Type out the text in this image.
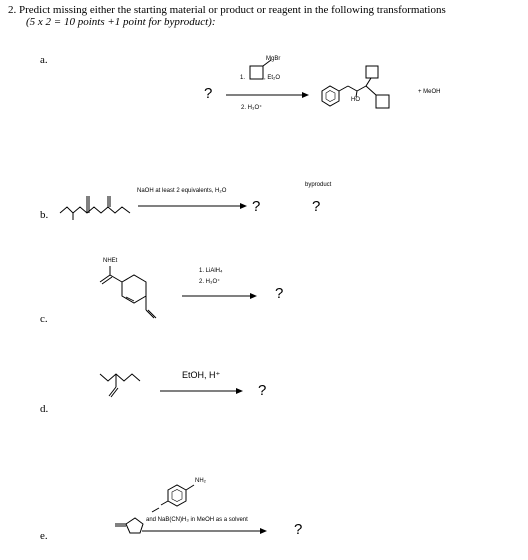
2. Predict missing either the starting material or product or reagent in the following transformations
(5 x 2 = 10 points +1 point for byproduct):
a.
b.
c.
d.
e.
?
1.
MgBr
, Et₂O
2. H₃O⁺
HO
+ MeOH
NaOH at least 2 equivalents, H₂O
?
byproduct
?
NHEt
1. LiAlH₄
2. H₃O⁺
?
EtOH, H⁺
?
NH₂
and NaB(CN)H₃ in MeOH as a solvent
?
